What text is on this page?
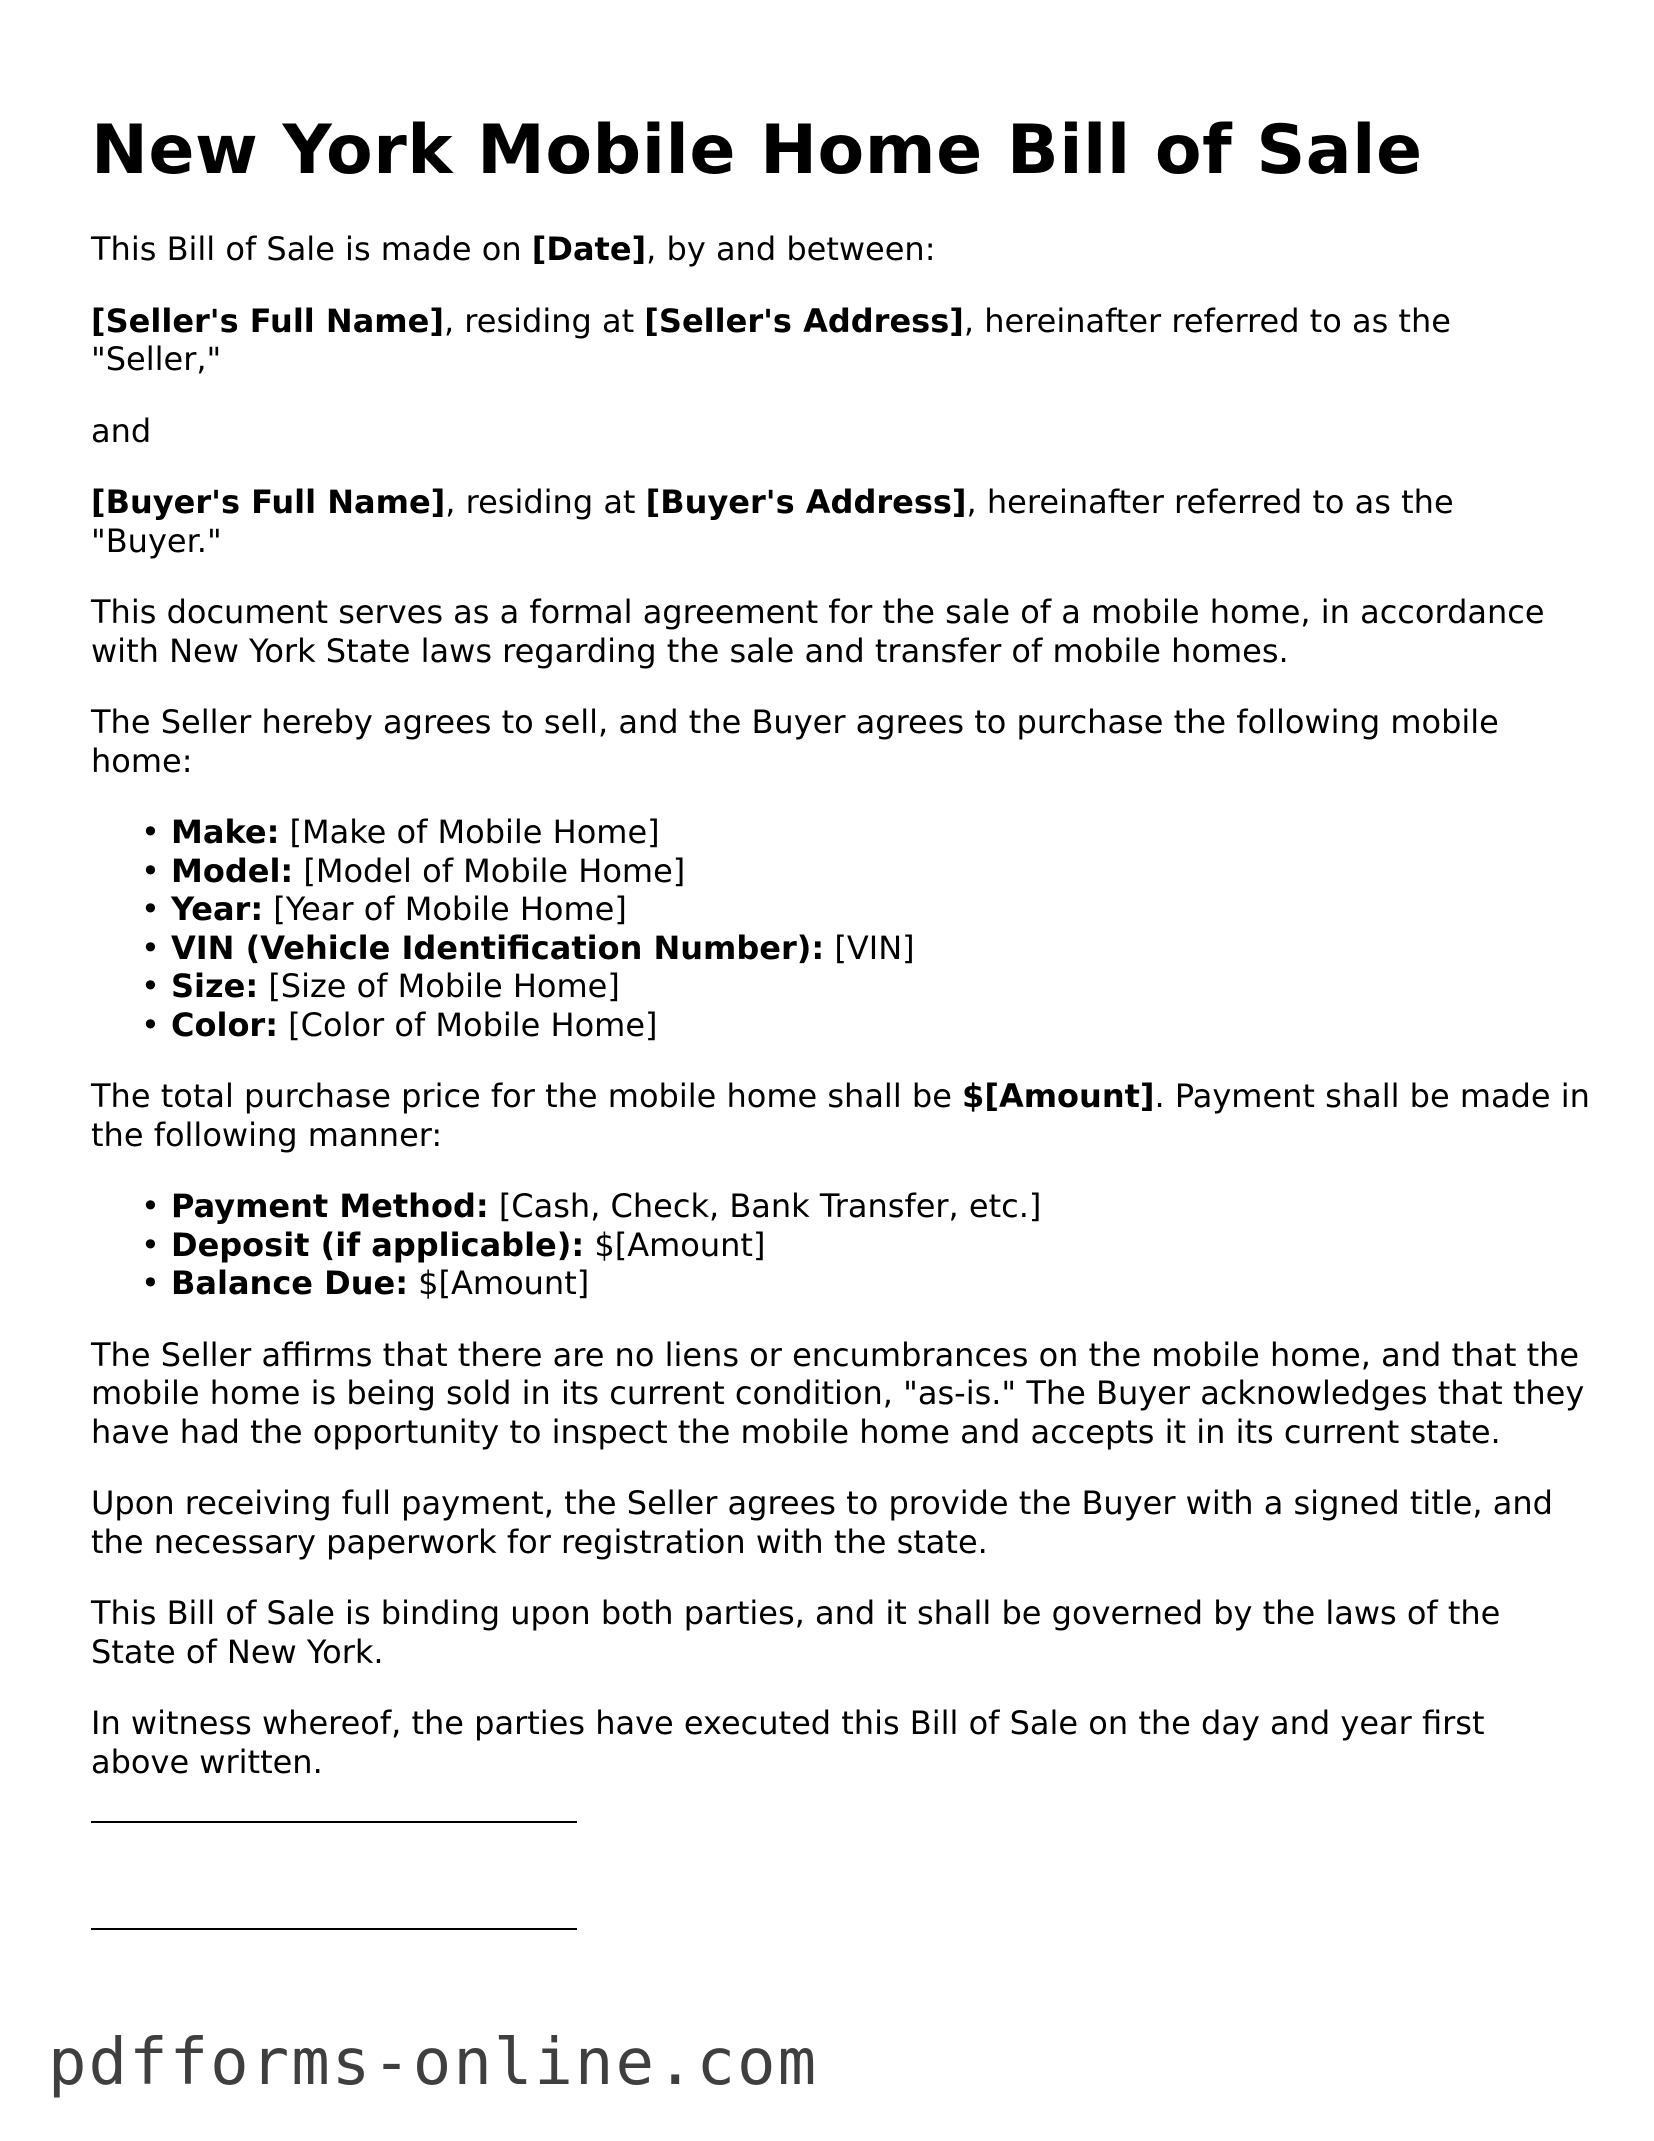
New York Mobile Home Bill of Sale

This Bill of Sale is made on [Date], by and between:

[Seller's Full Name], residing at [Seller's Address], hereinafter referred to as the "Seller,"

and

[Buyer's Full Name], residing at [Buyer's Address], hereinafter referred to as the "Buyer."

This document serves as a formal agreement for the sale of a mobile home, in accordance with New York State laws regarding the sale and transfer of mobile homes.

The Seller hereby agrees to sell, and the Buyer agrees to purchase the following mobile home:

• Make: [Make of Mobile Home]
• Model: [Model of Mobile Home]
• Year: [Year of Mobile Home]
• VIN (Vehicle Identification Number): [VIN]
• Size: [Size of Mobile Home]
• Color: [Color of Mobile Home]

The total purchase price for the mobile home shall be $[Amount]. Payment shall be made in the following manner:

• Payment Method: [Cash, Check, Bank Transfer, etc.]
• Deposit (if applicable): $[Amount]
• Balance Due: $[Amount]

The Seller affirms that there are no liens or encumbrances on the mobile home, and that the mobile home is being sold in its current condition, "as-is." The Buyer acknowledges that they have had the opportunity to inspect the mobile home and accepts it in its current state.

Upon receiving full payment, the Seller agrees to provide the Buyer with a signed title, and the necessary paperwork for registration with the state.

This Bill of Sale is binding upon both parties, and it shall be governed by the laws of the State of New York.

In witness whereof, the parties have executed this Bill of Sale on the day and year first above written.

pdfforms-online.com
